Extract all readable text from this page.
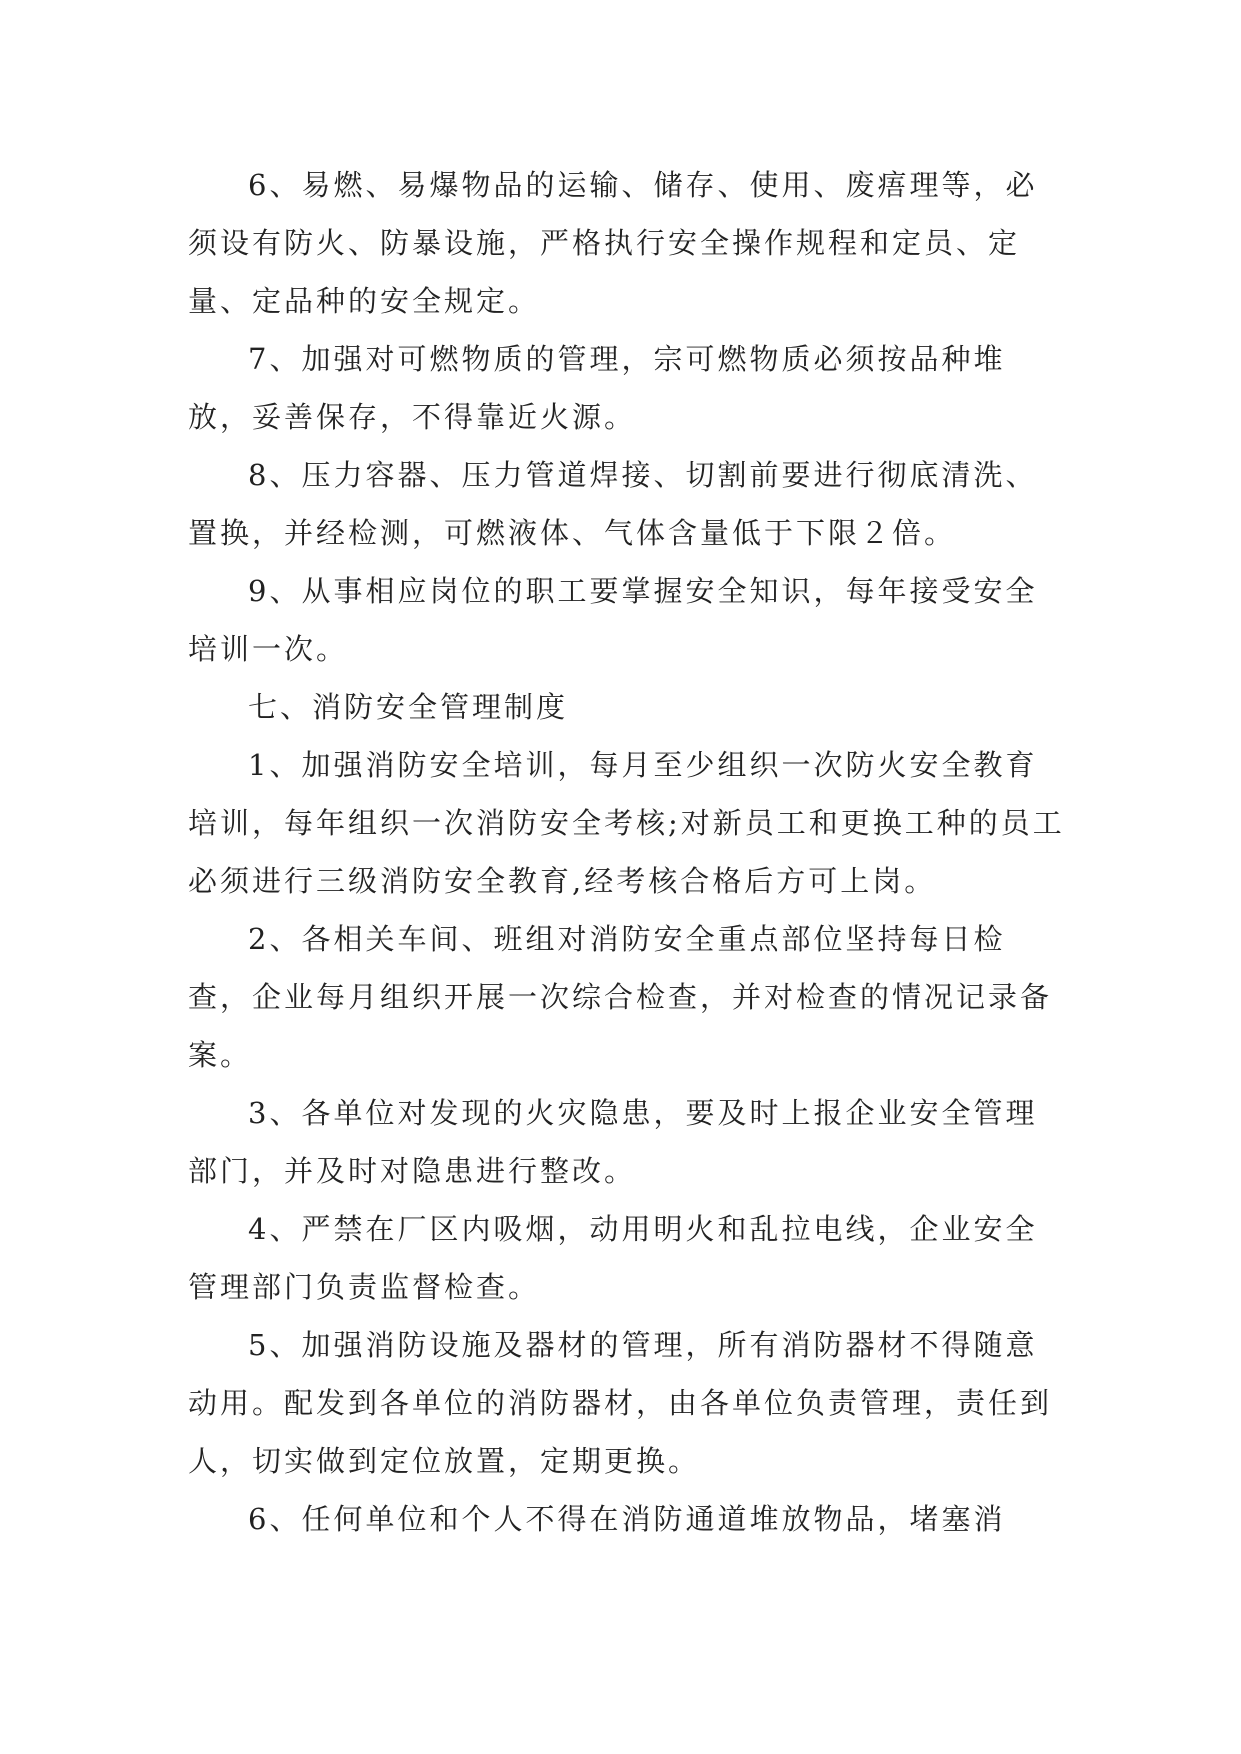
6、易燃、易爆物品的运输、储存、使用、废痦理等，必须设有防火、防暴设施，严格执行安全操作规程和定员、定量、定品种的安全规定。

7、加强对可燃物质的管理，宗可燃物质必须按品种堆放，妥善保存，不得靠近火源。

8、压力容器、压力管道焊接、切割前要进行彻底清洗、置换，并经检测，可燃液体、气体含量低于下限２倍。

9、从事相应岗位的职工要掌握安全知识，每年接受安全培训一次。

七、消防安全管理制度

1、加强消防安全培训，每月至少组织一次防火安全教育培训，每年组织一次消防安全考核;对新员工和更换工种的员工必须进行三级消防安全教育,经考核合格后方可上岗。

2、各相关车间、班组对消防安全重点部位坚持每日检查，企业每月组织开展一次综合检查，并对检查的情况记录备案。

3、各单位对发现的火灾隐患，要及时上报企业安全管理部门，并及时对隐患进行整改。

4、严禁在厂区内吸烟，动用明火和乱拉电线，企业安全管理部门负责监督检查。

5、加强消防设施及器材的管理，所有消防器材不得随意动用。配发到各单位的消防器材，由各单位负责管理，责任到人，切实做到定位放置，定期更换。

6、任何单位和个人不得在消防通道堆放物品，堵塞消
